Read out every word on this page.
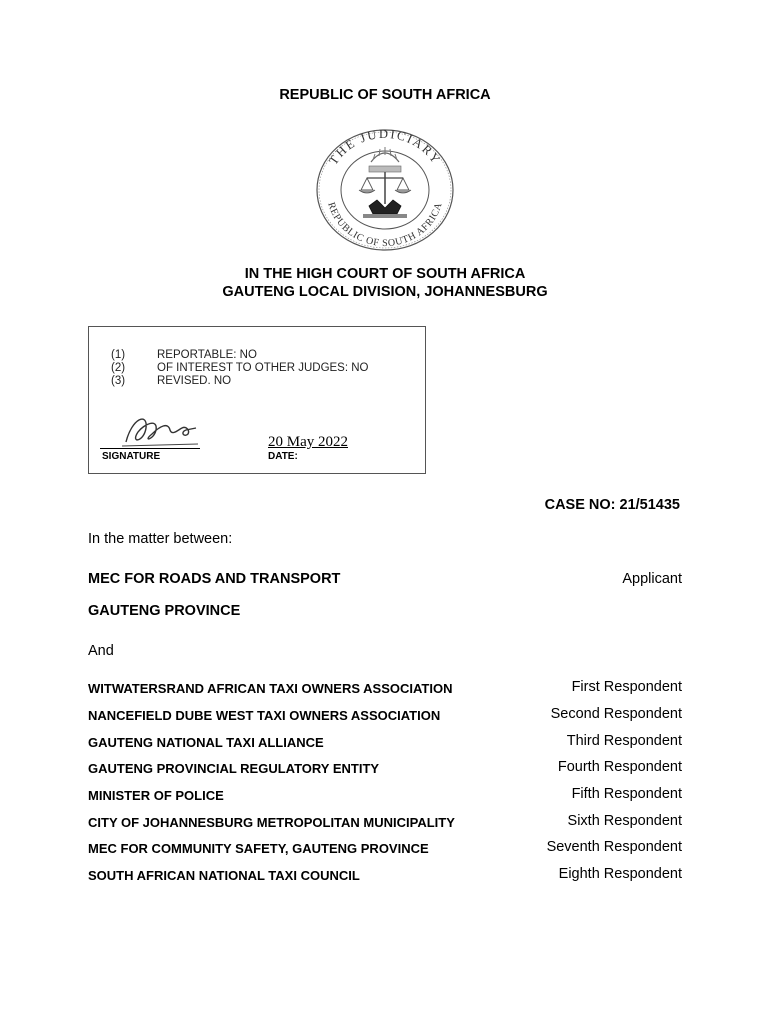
REPUBLIC OF SOUTH AFRICA
THE JUDICIARY
REPUBLIC OF SOUTH AFRICA
IN THE HIGH COURT OF SOUTH AFRICA
GAUTENG LOCAL DIVISION, JOHANNESBURG
(1)	REPORTABLE: NO
(2)	OF INTEREST TO OTHER JUDGES: NO
(3)	REVISED. NO
SIGNATURE	DATE:
20 May 2022
CASE NO: 21/51435
In the matter between:
MEC FOR ROADS AND TRANSPORT	Applicant
GAUTENG PROVINCE
And
WITWATERSRAND AFRICAN TAXI OWNERS ASSOCIATION	First Respondent
NANCEFIELD DUBE WEST TAXI OWNERS ASSOCIATION	Second Respondent
GAUTENG NATIONAL TAXI ALLIANCE	Third Respondent
GAUTENG PROVINCIAL REGULATORY ENTITY	Fourth Respondent
MINISTER OF POLICE	Fifth Respondent
CITY OF JOHANNESBURG METROPOLITAN MUNICIPALITY	Sixth Respondent
MEC FOR COMMUNITY SAFETY, GAUTENG PROVINCE	Seventh Respondent
SOUTH AFRICAN NATIONAL TAXI COUNCIL	Eighth Respondent
